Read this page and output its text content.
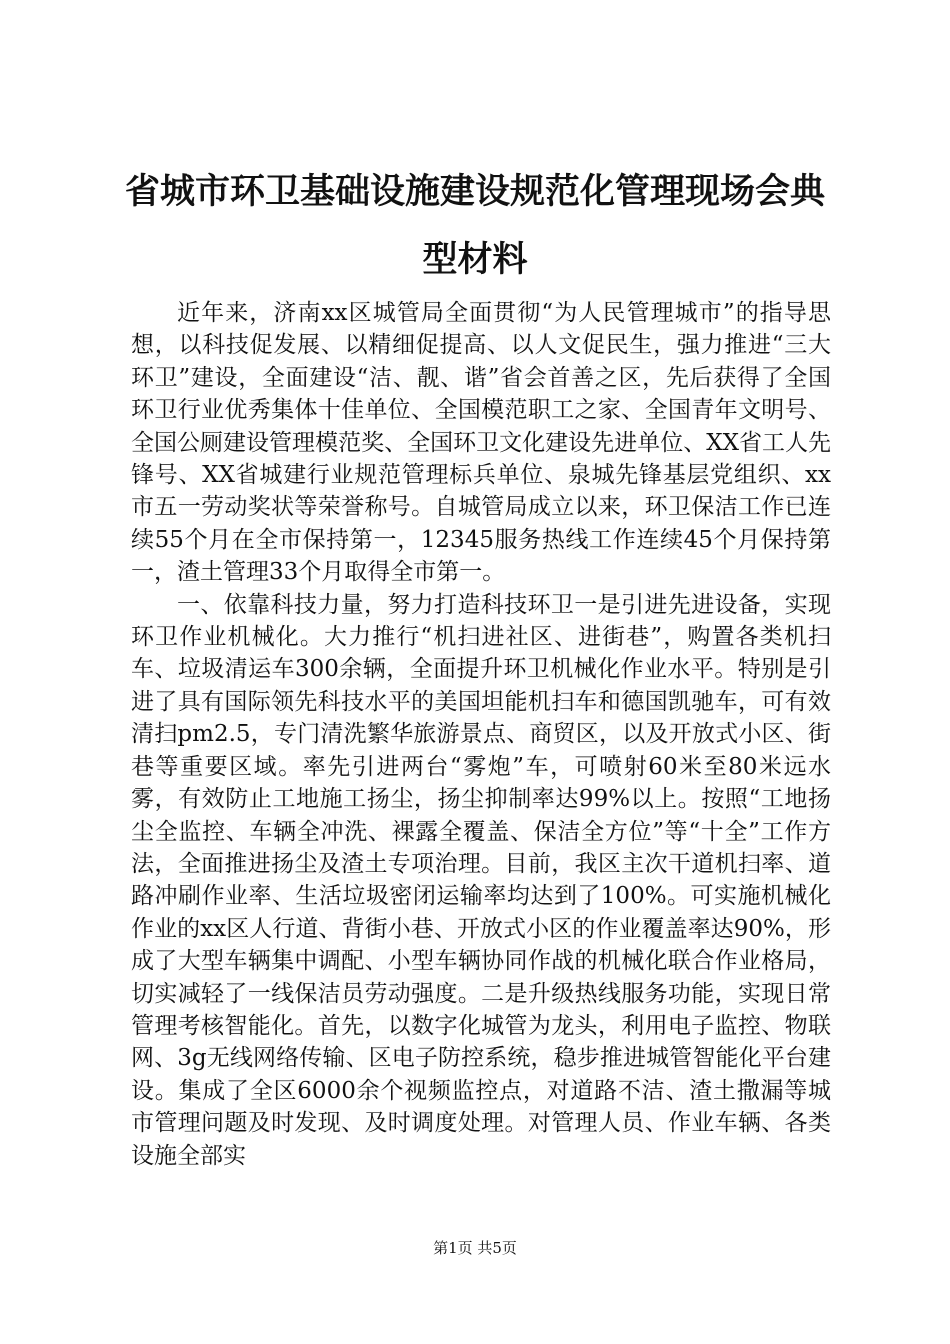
省城市环卫基础设施建设规范化管理现场会典型材料

近年来，济南xx区城管局全面贯彻“为人民管理城市”的指导思想，以科技促发展、以精细促提高、以人文促民生，强力推进“三大环卫”建设，全面建设“洁、靓、谐”省会首善之区，先后获得了全国环卫行业优秀集体十佳单位、全国模范职工之家、全国青年文明号、全国公厕建设管理模范奖、全国环卫文化建设先进单位、XX省工人先锋号、XX省城建行业规范管理标兵单位、泉城先锋基层党组织、xx市五一劳动奖状等荣誉称号。自城管局成立以来，环卫保洁工作已连续55个月在全市保持第一，12345服务热线工作连续45个月保持第一，渣土管理33个月取得全市第一。

一、依靠科技力量，努力打造科技环卫一是引进先进设备，实现环卫作业机械化。大力推行“机扫进社区、进街巷”，购置各类机扫车、垃圾清运车300余辆，全面提升环卫机械化作业水平。特别是引进了具有国际领先科技水平的美国坦能机扫车和德国凯驰车，可有效清扫pm2.5，专门清洗繁华旅游景点、商贸区，以及开放式小区、街巷等重要区域。率先引进两台“雾炮”车，可喷射60米至80米远水雾，有效防止工地施工扬尘，扬尘抑制率达99%以上。按照“工地扬尘全监控、车辆全冲洗、裸露全覆盖、保洁全方位”等“十全”工作方法，全面推进扬尘及渣土专项治理。目前，我区主次干道机扫率、道路冲刷作业率、生活垃圾密闭运输率均达到了100%。可实施机械化作业的xx区人行道、背街小巷、开放式小区的作业覆盖率达90%，形成了大型车辆集中调配、小型车辆协同作战的机械化联合作业格局，切实减轻了一线保洁员劳动强度。二是升级热线服务功能，实现日常管理考核智能化。首先，以数字化城管为龙头，利用电子监控、物联网、3g无线网络传输、区电子防控系统，稳步推进城管智能化平台建设。集成了全区6000余个视频监控点，对道路不洁、渣土撒漏等城市管理问题及时发现、及时调度处理。对管理人员、作业车辆、各类设施全部实

第1页 共5页
